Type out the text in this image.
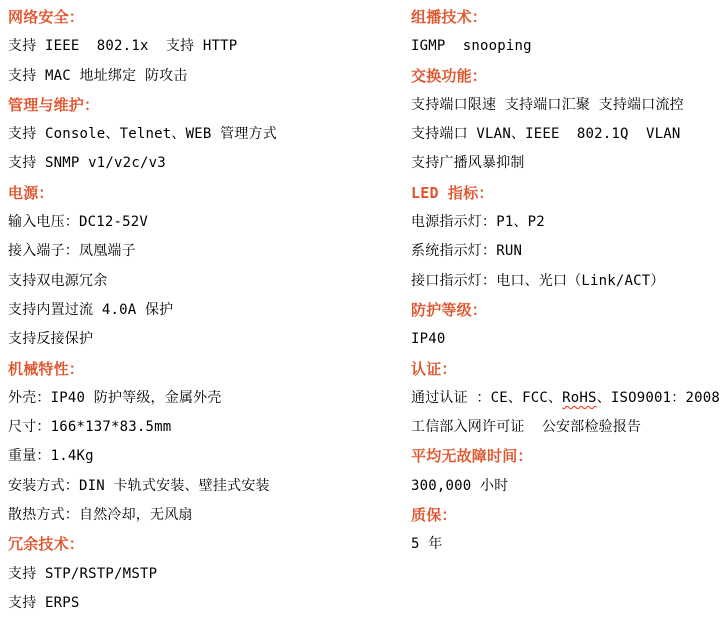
网络安全：
支持 IEEE  802.1x  支持 HTTP
支持 MAC 地址绑定 防攻击
管理与维护：
支持 Console、Telnet、WEB 管理方式
支持 SNMP v1/v2c/v3
电源：
输入电压：DC12-52V
接入端子：凤凰端子
支持双电源冗余
支持内置过流 4.0A 保护
支持反接保护
机械特性：
外壳：IP40 防护等级，金属外壳
尺寸：166*137*83.5mm
重量：1.4Kg
安装方式：DIN 卡轨式安装、壁挂式安装
散热方式：自然冷却，无风扇
冗余技术：
支持 STP/RSTP/MSTP
支持 ERPS
组播技术：
IGMP  snooping
交换功能：
支持端口限速 支持端口汇聚 支持端口流控
支持端口 VLAN、IEEE  802.1Q  VLAN
支持广播风暴抑制
LED 指标：
电源指示灯：P1、P2
系统指示灯：RUN
接口指示灯：电口、光口（Link/ACT）
防护等级：
IP40
认证：
通过认证 ：CE、FCC、RoHS、ISO9001：2008
工信部入网许可证  公安部检验报告
平均无故障时间：
300,000 小时
质保：
5 年
